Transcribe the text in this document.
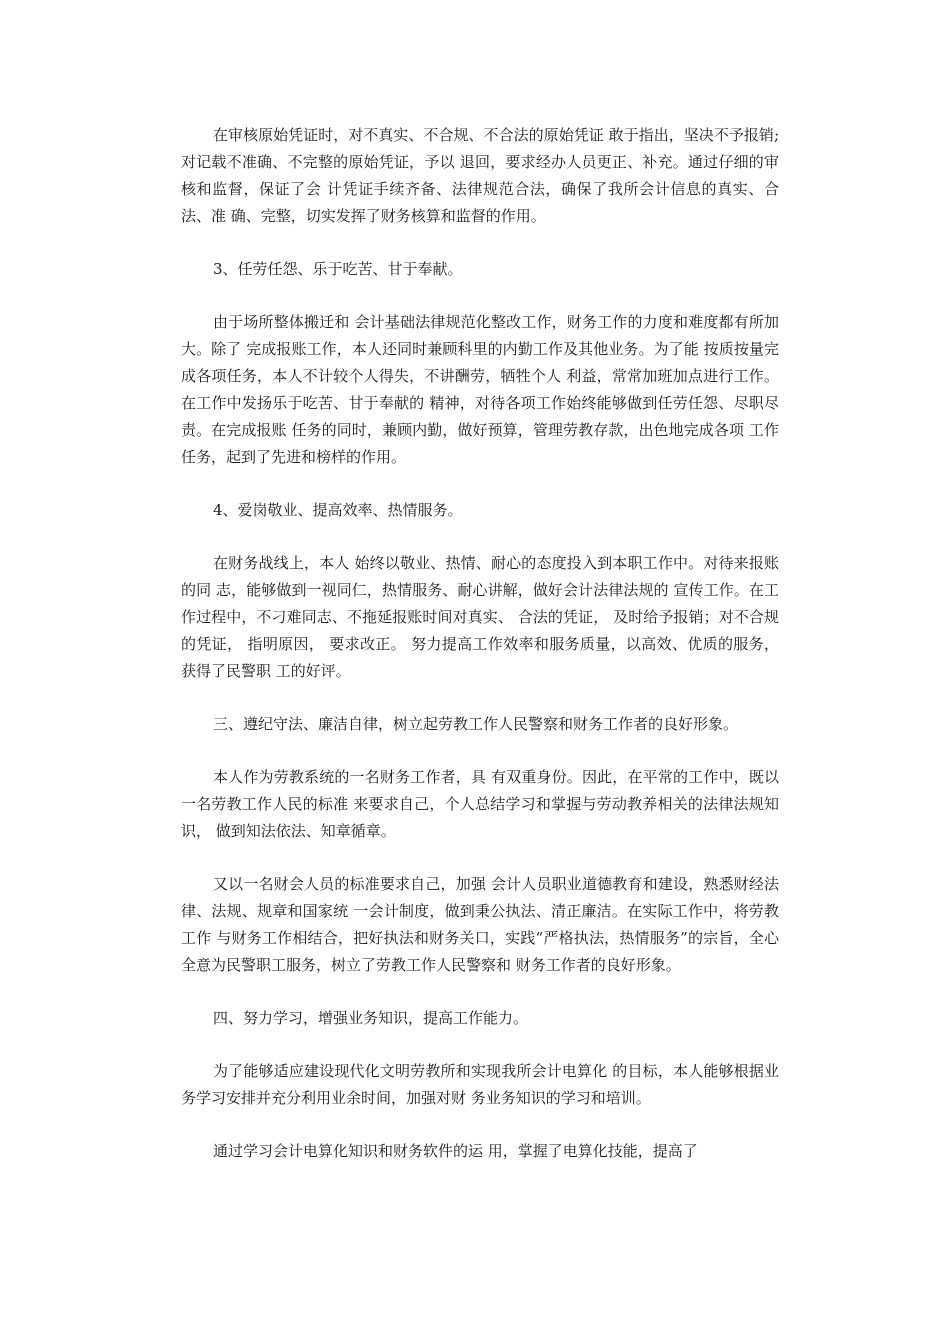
在审核原始凭证时，对不真实、不合规、不合法的原始凭证 敢于指出，坚决不予报销;对记载不准确、不完整的原始凭证，予以 退回，要求经办人员更正、补充。通过仔细的审核和监督，保证了会 计凭证手续齐备、法律规范合法，确保了我所会计信息的真实、合法、准 确、完整，切实发挥了财务核算和监督的作用。

3、任劳任怨、乐于吃苦、甘于奉献。

由于场所整体搬迁和 会计基础法律规范化整改工作，财务工作的力度和难度都有所加大。除了 完成报账工作，本人还同时兼顾科里的内勤工作及其他业务。为了能 按质按量完成各项任务，本人不计较个人得失，不讲酬劳，牺牲个人 利益，常常加班加点进行工作。在工作中发扬乐于吃苦、甘于奉献的 精神，对待各项工作始终能够做到任劳任怨、尽职尽责。在完成报账 任务的同时，兼顾内勤，做好预算，管理劳教存款，出色地完成各项 工作任务，起到了先进和榜样的作用。

4、爱岗敬业、提高效率、热情服务。

在财务战线上，本人 始终以敬业、热情、耐心的态度投入到本职工作中。对待来报账的同 志，能够做到一视同仁，热情服务、耐心讲解，做好会计法律法规的 宣传工作。在工作过程中，不刁难同志、不拖延报账时间对真实、 合法的凭证， 及时给予报销；对不合规的凭证， 指明原因， 要求改正。 努力提高工作效率和服务质量，以高效、优质的服务，获得了民警职 工的好评。

三、遵纪守法、廉洁自律，树立起劳教工作人民警察和财务工作者的良好形象。

本人作为劳教系统的一名财务工作者，具 有双重身份。因此，在平常的工作中，既以一名劳教工作人民的标准 来要求自己，个人总结学习和掌握与劳动教养相关的法律法规知识， 做到知法依法、知章循章。

又以一名财会人员的标准要求自己，加强 会计人员职业道德教育和建设，熟悉财经法律、法规、规章和国家统 一会计制度，做到秉公执法、清正廉洁。在实际工作中，将劳教工作 与财务工作相结合，把好执法和财务关口，实践“严格执法，热情服务”的宗旨，全心全意为民警职工服务，树立了劳教工作人民警察和 财务工作者的良好形象。

四、努力学习，增强业务知识，提高工作能力。

为了能够适应建设现代化文明劳教所和实现我所会计电算化 的目标，本人能够根据业务学习安排并充分利用业余时间，加强对财 务业务知识的学习和培训。

通过学习会计电算化知识和财务软件的运 用，掌握了电算化技能，提高了
